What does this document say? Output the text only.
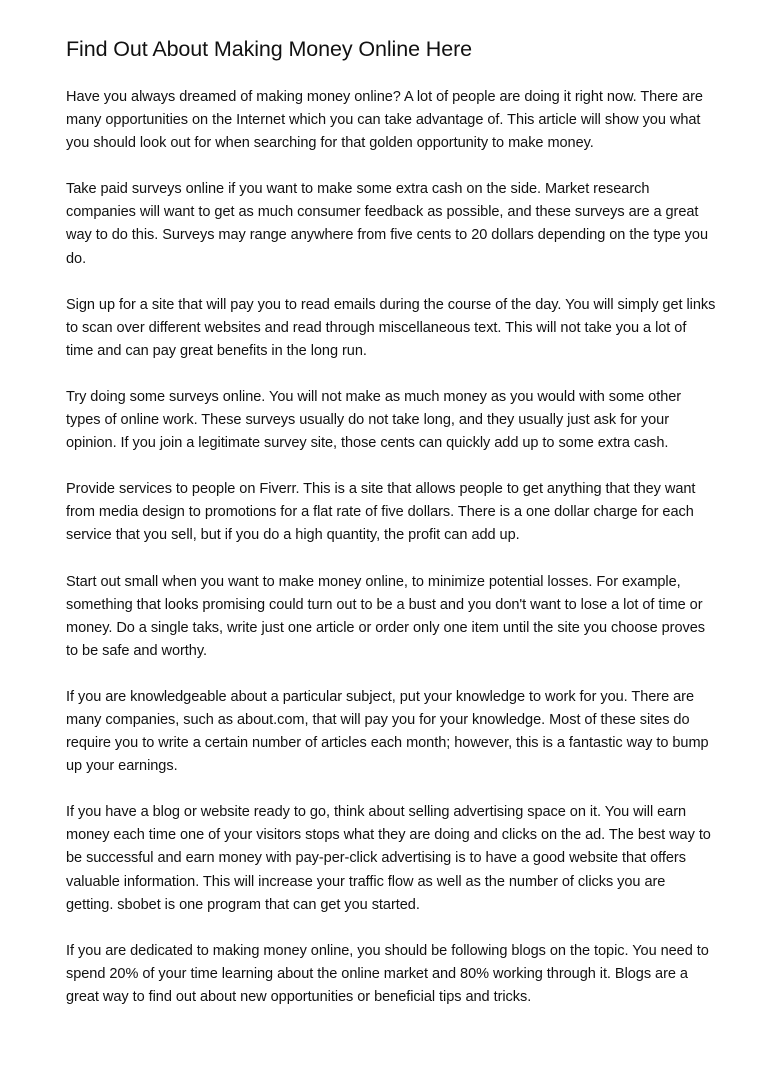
Find Out About Making Money Online Here

Have you always dreamed of making money online? A lot of people are doing it right now. There are many opportunities on the Internet which you can take advantage of. This article will show you what you should look out for when searching for that golden opportunity to make money.

Take paid surveys online if you want to make some extra cash on the side. Market research companies will want to get as much consumer feedback as possible, and these surveys are a great way to do this. Surveys may range anywhere from five cents to 20 dollars depending on the type you do.

Sign up for a site that will pay you to read emails during the course of the day. You will simply get links to scan over different websites and read through miscellaneous text. This will not take you a lot of time and can pay great benefits in the long run.

Try doing some surveys online. You will not make as much money as you would with some other types of online work. These surveys usually do not take long, and they usually just ask for your opinion. If you join a legitimate survey site, those cents can quickly add up to some extra cash.

Provide services to people on Fiverr. This is a site that allows people to get anything that they want from media design to promotions for a flat rate of five dollars. There is a one dollar charge for each service that you sell, but if you do a high quantity, the profit can add up.

Start out small when you want to make money online, to minimize potential losses. For example, something that looks promising could turn out to be a bust and you don't want to lose a lot of time or money. Do a single taks, write just one article or order only one item until the site you choose proves to be safe and worthy.

If you are knowledgeable about a particular subject, put your knowledge to work for you. There are many companies, such as about.com, that will pay you for your knowledge. Most of these sites do require you to write a certain number of articles each month; however, this is a fantastic way to bump up your earnings.

If you have a blog or website ready to go, think about selling advertising space on it. You will earn money each time one of your visitors stops what they are doing and clicks on the ad. The best way to be successful and earn money with pay-per-click advertising is to have a good website that offers valuable information. This will increase your traffic flow as well as the number of clicks you are getting. sbobet is one program that can get you started.

If you are dedicated to making money online, you should be following blogs on the topic. You need to spend 20% of your time learning about the online market and 80% working through it. Blogs are a great way to find out about new opportunities or beneficial tips and tricks.
